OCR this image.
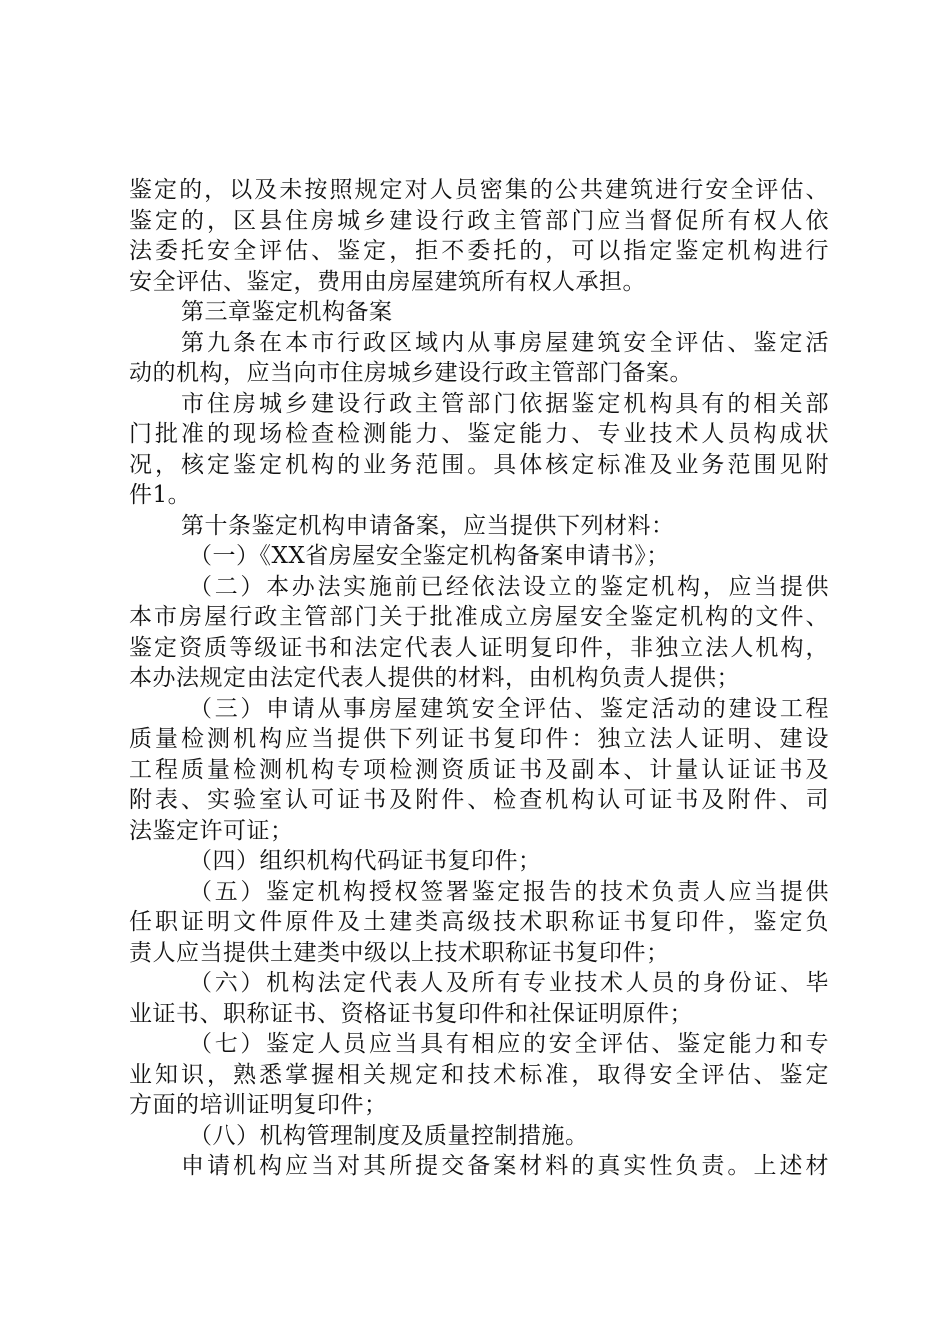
鉴定的，以及未按照规定对人员密集的公共建筑进行安全评估、
鉴定的，区县住房城乡建设行政主管部门应当督促所有权人依
法委托安全评估、鉴定，拒不委托的，可以指定鉴定机构进行
安全评估、鉴定，费用由房屋建筑所有权人承担。
第三章鉴定机构备案
第九条在本市行政区域内从事房屋建筑安全评估、鉴定活
动的机构，应当向市住房城乡建设行政主管部门备案。
市住房城乡建设行政主管部门依据鉴定机构具有的相关部
门批准的现场检查检测能力、鉴定能力、专业技术人员构成状
况，核定鉴定机构的业务范围。具体核定标准及业务范围见附
件1。
第十条鉴定机构申请备案，应当提供下列材料：
（一）《XX省房屋安全鉴定机构备案申请书》；
（二）本办法实施前已经依法设立的鉴定机构，应当提供
本市房屋行政主管部门关于批准成立房屋安全鉴定机构的文件、
鉴定资质等级证书和法定代表人证明复印件，非独立法人机构，
本办法规定由法定代表人提供的材料，由机构负责人提供；
（三）申请从事房屋建筑安全评估、鉴定活动的建设工程
质量检测机构应当提供下列证书复印件：独立法人证明、建设
工程质量检测机构专项检测资质证书及副本、计量认证证书及
附表、实验室认可证书及附件、检查机构认可证书及附件、司
法鉴定许可证；
（四）组织机构代码证书复印件；
（五）鉴定机构授权签署鉴定报告的技术负责人应当提供
任职证明文件原件及土建类高级技术职称证书复印件，鉴定负
责人应当提供土建类中级以上技术职称证书复印件；
（六）机构法定代表人及所有专业技术人员的身份证、毕
业证书、职称证书、资格证书复印件和社保证明原件；
（七）鉴定人员应当具有相应的安全评估、鉴定能力和专
业知识，熟悉掌握相关规定和技术标准，取得安全评估、鉴定
方面的培训证明复印件；
（八）机构管理制度及质量控制措施。
申请机构应当对其所提交备案材料的真实性负责。上述材
